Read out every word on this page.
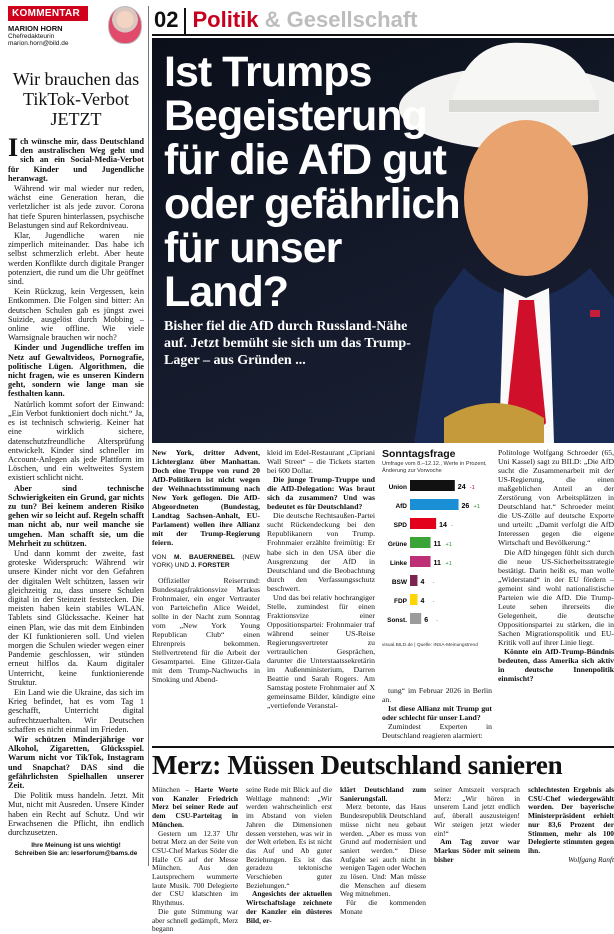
02 Politik & Gesellschaft
KOMMENTAR
MARION HORN
Chefredakteurin
marion.horn@bild.de
Wir brauchen das TikTok-Verbot JETZT

Ich wünsche mir, dass Deutschland den australischen Weg geht und sich an ein Social-Media-Verbot für Kinder und Jugendliche heranwagt.

Während wir mal wieder nur reden, wächst eine Generation heran, die verletzlicher ist als jede zuvor. Corona hat tiefe Spuren hinterlassen, psychische Belastungen sind auf Rekordniveau.

Klar, Jugendliche waren nie zimperlich miteinander. Das habe ich selbst schmerzlich erlebt. Aber heute werden Konflikte durch digitale Pranger potenziert, die rund um die Uhr geöffnet sind.

Kein Rückzug, kein Vergessen, kein Entkommen. Die Folgen sind bitter: An deutschen Schulen gab es jüngst zwei Suizide, ausgelöst durch Mobbing – online wie offline. Wie viele Warnsignale brauchen wir noch?

Kinder und Jugendliche treffen im Netz auf Gewaltvideos, Pornografie, politische Lügen. Algorithmen, die nicht fragen, wie es unseren Kindern geht, sondern wie lange man sie festhalten kann.

Natürlich kommt sofort der Einwand: „Ein Verbot funktioniert doch nicht.“ Ja, es ist technisch schwierig. Keiner hat eine wirklich sichere, datenschutzfreundliche Altersprüfung entwickelt. Kinder sind schneller im Account-Anlegen als jede Plattform im Löschen, und ein weltweites System existiert schlicht nicht.

Aber sind technische Schwierigkeiten ein Grund, gar nichts zu tun? Bei keinem anderen Risiko gehen wir so leicht auf. Regeln schafft man nicht ab, nur weil manche sie umgehen. Man schafft sie, um die Mehrheit zu schützen.

Und dann kommt der zweite, fast groteske Widerspruch: Während wir unsere Kinder nicht vor den Gefahren der digitalen Welt schützen, lassen wir gleichzeitig zu, dass unsere Schulen digital in der Steinzeit feststecken. Die meisten haben kein stabiles WLAN. Tablets sind Glückssache. Keiner hat einen Plan, wie das mit dem Einbinden der KI funktionieren soll. Und vielen morgen die Schulen wieder wegen einer Pandemie geschlossen, wir stünden erneut hilflos da. Kaum digitaler Unterricht, keine funktionierende Struktur.

Ein Land wie die Ukraine, das sich im Krieg befindet, hat es vom Tag 1 geschafft, Unterricht digital aufrechtzuerhalten. Wir Deutschen schaffen es nicht einmal im Frieden.

Wir schützen Minderjährige vor Alkohol, Zigaretten, Glücksspiel. Warum nicht vor TikTok, Instagram und Snapchat? DAS sind die gefährlichsten Spielhallen unserer Zeit.

Die Politik muss handeln. Jetzt. Mit Mut, nicht mit Ausreden. Unsere Kinder haben ein Recht auf Schutz. Und wir Erwachsenen die Pflicht, ihn endlich durchzusetzen.

Ihre Meinung ist uns wichtig!
Schreiben Sie an: leserforum@bams.de
Ist Trumps Begeisterung für die AfD gut oder gefährlich für unser Land?

Bisher fiel die AfD durch Russland-Nähe auf. Jetzt bemüht sie sich um das Trump-Lager – aus Gründen ...

New York, dritter Advent, Lichterglanz über Manhattan. Doch eine Truppe von rund 20 AfD-Politikern ist nicht wegen der Weihnachtsstimmung nach New York geflogen. Die AfD-Abgeordneten (Bundestag, Landtag Sachsen-Anhalt, EU-Parlament) wollen ihre Allianz mit der Trump-Regierung feiern.

VON M. BAUERNEBEL (NEW YORK) UND J. FORSTER

Offizieller Reiseгrund: Bundestagsfraktionsvize Markus Frohnmaier, ein enger Vertrauter von Parteichefin Alice Weidel, sollte in der Nacht zum Sonntag vom „New York Young Republican Club“ einen Ehrenpreis bekommen. Stellvertretend für die Arbeit der Gesamtpartei. Eine Glitzer-Gala mit dem Trump-Nachwuchs in Smoking und Abend-

kleid im Edel-Restaurant „Cipriani Wall Street“ – die Tickets starten bei 600 Dollar.

Die junge Trump-Truppe und die AfD-Delegation: Was braut sich da zusammen? Und was bedeutet es für Deutschland?

Die deutsche Rechtsaußen-Partei sucht Rückendeckung bei den Republikanern von Trump. Frohnmaier erzählte freimütig: Er habe sich in den USA über die Ausgrenzung der AfD in Deutschland und die Beobachtung durch den Verfassungsschutz beschwert.

Und das bei relativ hochrangiger Stelle, zumindest für einen Fraktionsvize einer Oppositionspartei: Frohnmaier traf während seiner US-Reise Regierungsvertreter zu vertraulichen Gesprächen, darunter die Unterstaatssekretärin im Außenministerium, Darren Beattie und Sarah Rogers. Am Samstag postete Frohnmaier auf X gemeinsame Bilder, kündigte eine „vertiefende Veranstal-

Sonntagsfrage
Umfrage vom 8.–12.12., Werte in Prozent, Änderung zur Vorwoche
Union	24 -1
AfD	26 +1
SPD	14 -
Grüne	11 +1
Linke	11 +1
BSW 4 -
FDP 4 -
Sonst. 6 -
visual.BILD.de | Quelle: INSA-Meinungstrend

tung“ im Februar 2026 in Berlin an.

Ist diese Allianz mit Trump gut oder schlecht für unser Land?

Zumindest Experten in Deutschland reagieren alarmiert:

Politologe Wolfgang Schroeder (65, Uni Kassel) sagt zu BILD: „Die AfD sucht die Zusammenarbeit mit der US-Regierung, die einen maßgeblichen Anteil an der Zerstörung von Arbeitsplätzen in Deutschland hat.“ Schroeder meint die US-Zölle auf deutsche Exporte und urteilt: „Damit verfolgt die AfD Interessen gegen die eigene Wirtschaft und Bevölkerung.“

Die AfD hingegen fühlt sich durch die neue US-Sicherheitsstrategie bestätigt. Darin heißt es, man wolle „Widerstand“ in der EU fördern – gemeint sind wohl nationalistische Parteien wie die AfD. Die Trump-Leute sehen ihrerseits die Gelegenheit, die deutsche Oppositionspartei zu stärken, die in Sachen Migrationspolitik und EU-Kritik voll auf ihrer Linie liegt.

Könnte ein AfD-Trump-Bündnis bedeuten, dass Amerika sich aktiv in deutsche Innenpolitik einmischt?

Merz: Müssen Deutschland sanieren

München – Harte Worte von Kanzler Friedrich Merz bei seiner Rede auf dem CSU-Parteitag in München.

Gestern um 12.37 Uhr betrat Merz an der Seite von CSU-Chef Markus Söder die Halle C6 auf der Messe München. Aus den Lautsprechern wummerte laute Musik. 700 Delegierte der CSU klatschten im Rhythmus.

Die gute Stimmung war aber schnell gedämpft, Merz begann

seine Rede mit Blick auf die Weltlage mahnend: „Wir werden wahrscheinlich erst im Abstand von vielen Jahren die Dimensionen dessen verstehen, was wir in der Welt erleben. Es ist nicht das Auf und Ab guter Beziehungen. Es ist das geradezu tektonische Verschieben guter Beziehungen.“

Angesichts der aktuellen Wirtschaftslage zeichnete der Kanzler ein düsteres Bild, er-

klärt Deutschland zum Sanierungsfall.

Merz betonte, das Haus Bundesrepublik Deutschland müsse nicht neu gebaut werden. „Aber es muss von Grund auf modernisiert und saniert werden.“ Diese Aufgabe sei auch nicht in wenigen Tagen oder Wochen zu lösen. Und: Man müsse die Menschen auf diesem Weg mitnehmen.

Für die kommenden Monate

seiner Amtszeit versprach Merz: „Wir hören in unserem Land jetzt endlich auf, überall auszusteigen! Wir steigen jetzt wieder ein!“

Am Tag zuvor war Markus Söder mit seinem bisher

schlechtesten Ergebnis als CSU-Chef wiedergewählt worden. Der bayerische Ministerpräsident erhielt nur 83,6 Prozent der Stimmen, mehr als 100 Delegierte stimmten gegen ihn.

Wolfgang Ranft
